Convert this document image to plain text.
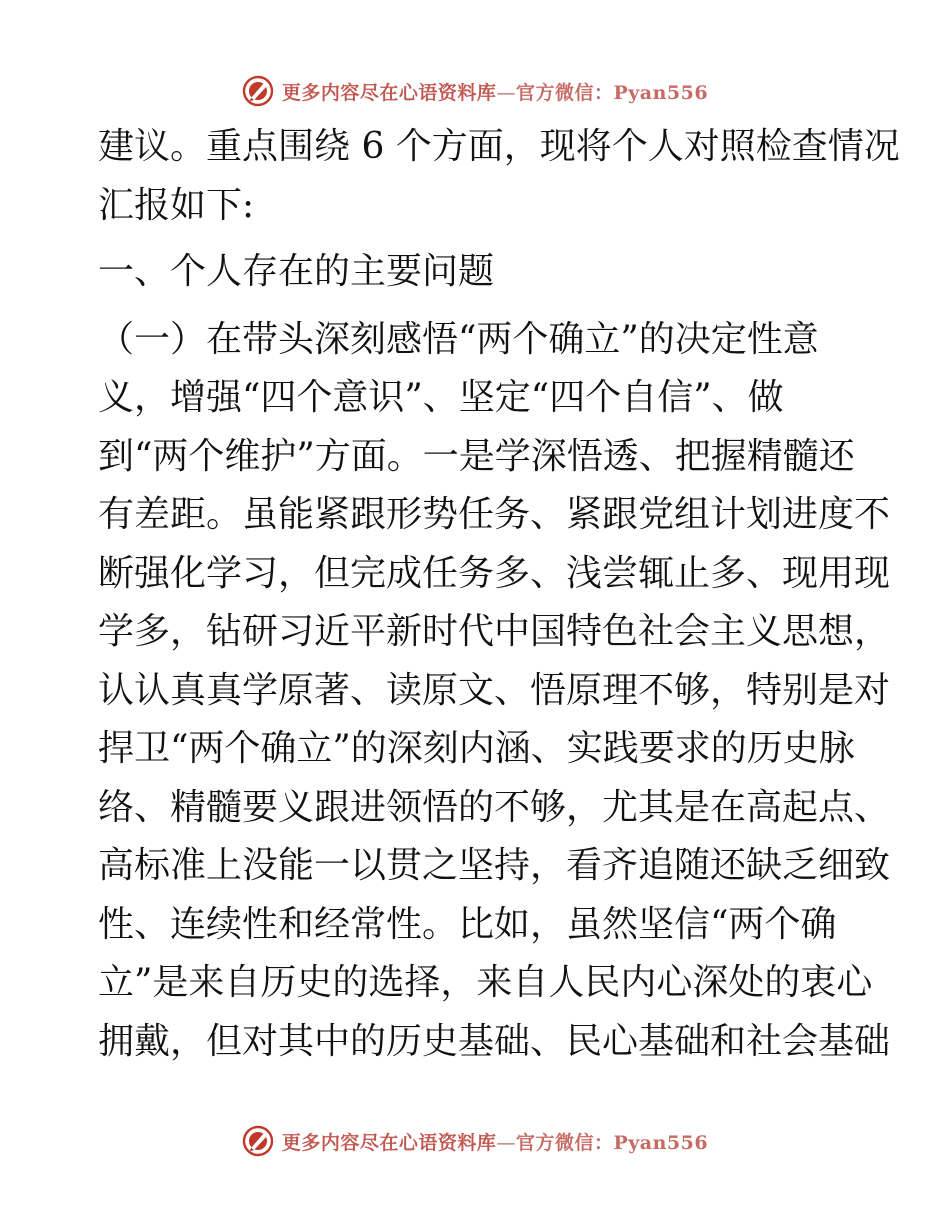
更多内容尽在心语资料库—官方微信：Pyan556
建议。重点围绕 6 个方面，现将个人对照检查情况
汇报如下:
一、个人存在的主要问题
（一）在带头深刻感悟“两个确立”的决定性意
义，增强“四个意识”、坚定“四个自信”、做
到“两个维护”方面。一是学深悟透、把握精髓还
有差距。虽能紧跟形势任务、紧跟党组计划进度不
断强化学习，但完成任务多、浅尝辄止多、现用现
学多，钻研习近平新时代中国特色社会主义思想，
认认真真学原著、读原文、悟原理不够，特别是对
捍卫“两个确立”的深刻内涵、实践要求的历史脉
络、精髓要义跟进领悟的不够，尤其是在高起点、
高标准上没能一以贯之坚持，看齐追随还缺乏细致
性、连续性和经常性。比如，虽然坚信“两个确
立”是来自历史的选择，来自人民内心深处的衷心
拥戴，但对其中的历史基础、民心基础和社会基础
更多内容尽在心语资料库—官方微信：Pyan556
